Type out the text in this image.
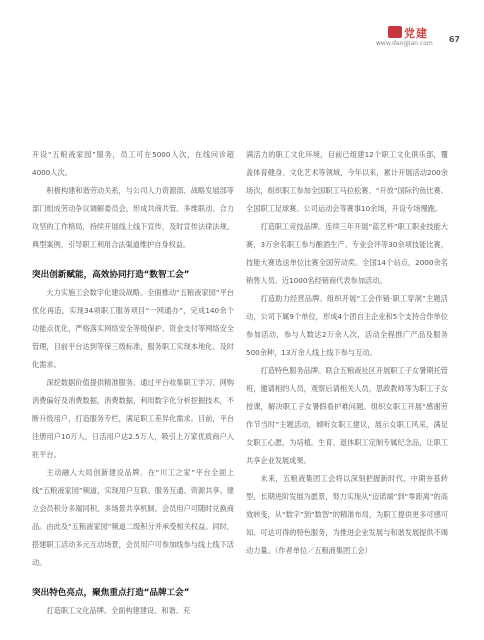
党建
www.dangjian.com 67

开设“五粮液家园”服务，员工可在5000人次，在线问诊超4000人次。

积极构建和谐劳动关系，与公司人力资源部、战略发展部等部门组成劳动争议调解委员会，形成共商共管、多维联动、合力攻坚的工作格局，持续开展线上线下宣传，及时宣传法律法规、典型案例，引导职工利用合法渠道维护自身权益。

突出创新赋能，高效协同打造“数智工会”

大力实施工会数字化建设战略。全面推动“五粮液家园”平台优化再造，实现34项职工服务项目“一网通办”，完成140余个功能点优化，严格落实网络安全等级保护、资金支付等网络安全管理，目前平台达到等保三级标准，服务职工实现本地化、及时化需求。

深挖数据价值提供精准服务。通过平台收集职工学习、网购消费偏好及消费数据，消费数据，利用数字化分析挖掘技术，不断升级用户，打造服务专栏，满足职工差异化需求。目前，平台注册用户10万人，日活用户达2.5万人，吸引上万家优质商户入驻平台。

主动融入大局创新建设品牌。在“川工之家”平台全面上线“五粮液家园”频道，实现用户互联、服务互通、资源共享。建立会员积分多端同积、多场景共享机制。会员用户可随时兑换商品。由此及“五粮液家园”频道二级积分并承受相关权益。同时，搭建职工活动多元互动场景，会员用户可参加线参与线上线下活动。

突出特色亮点，聚焦重点打造“品牌工会”

打造职工文化品牌。全面构建建设、和谐、充

满活力的职工文化环境，目前已组建12个职工文化俱乐部，覆盖体育健身、文化艺术等领域，今年以来，累计开展活动200余场次，组织职工参加全国职工马拉松赛、“开放”国际钓鱼比赛、全国职工足球赛、公司运动会等赛事10余场，开设专场慢跑。

打造职工竞技品牌。连续三年开展“蓝艺杯”职工职业技能大赛，3万余名职工参与酿酒生产、专业会评等30余项技能比赛，技能大赛选送单位比赛全国劳动奖。全国14个站点，2000余名销售人员、近1000名经销商代表参加活动。

打造助力经营品牌。组织开展“工会伴销·职工穿洞”主题活动，公司下属9个单位，形成4个团自主企业和5个支持合作单位参加活动，参与人数达2万余人次，活动全程推广产品及服务500余种，13万余人线上线下参与互动。

打造特色服务品牌。联合五粮液社区开展职工子女暑期托管班，邀请相约人员，观察后请相关人员，思政教师等为职工子女授课，解决职工子女暑假看护难问题。组织女职工开展“感谢劳作节当时”主题活动，倾听女职工建议，展示女职工风采，满足女职工心愿，为培植。生育、退休职工定制专属纪念品，让职工共享企业发展成果。

未来，五粮液集团工会将以深刻把握新时代、中期夯基转型，长期进阶发展为愿景，努力实现从“迈诺端”到“零距离”的高效转变，从“数字”到“数智”的精准布局，为职工提供更多可感可知、可达可得的特色服务，为推进企业发展与和谐发展提供不竭动力量。（作者单位／五粮液集团工会）
